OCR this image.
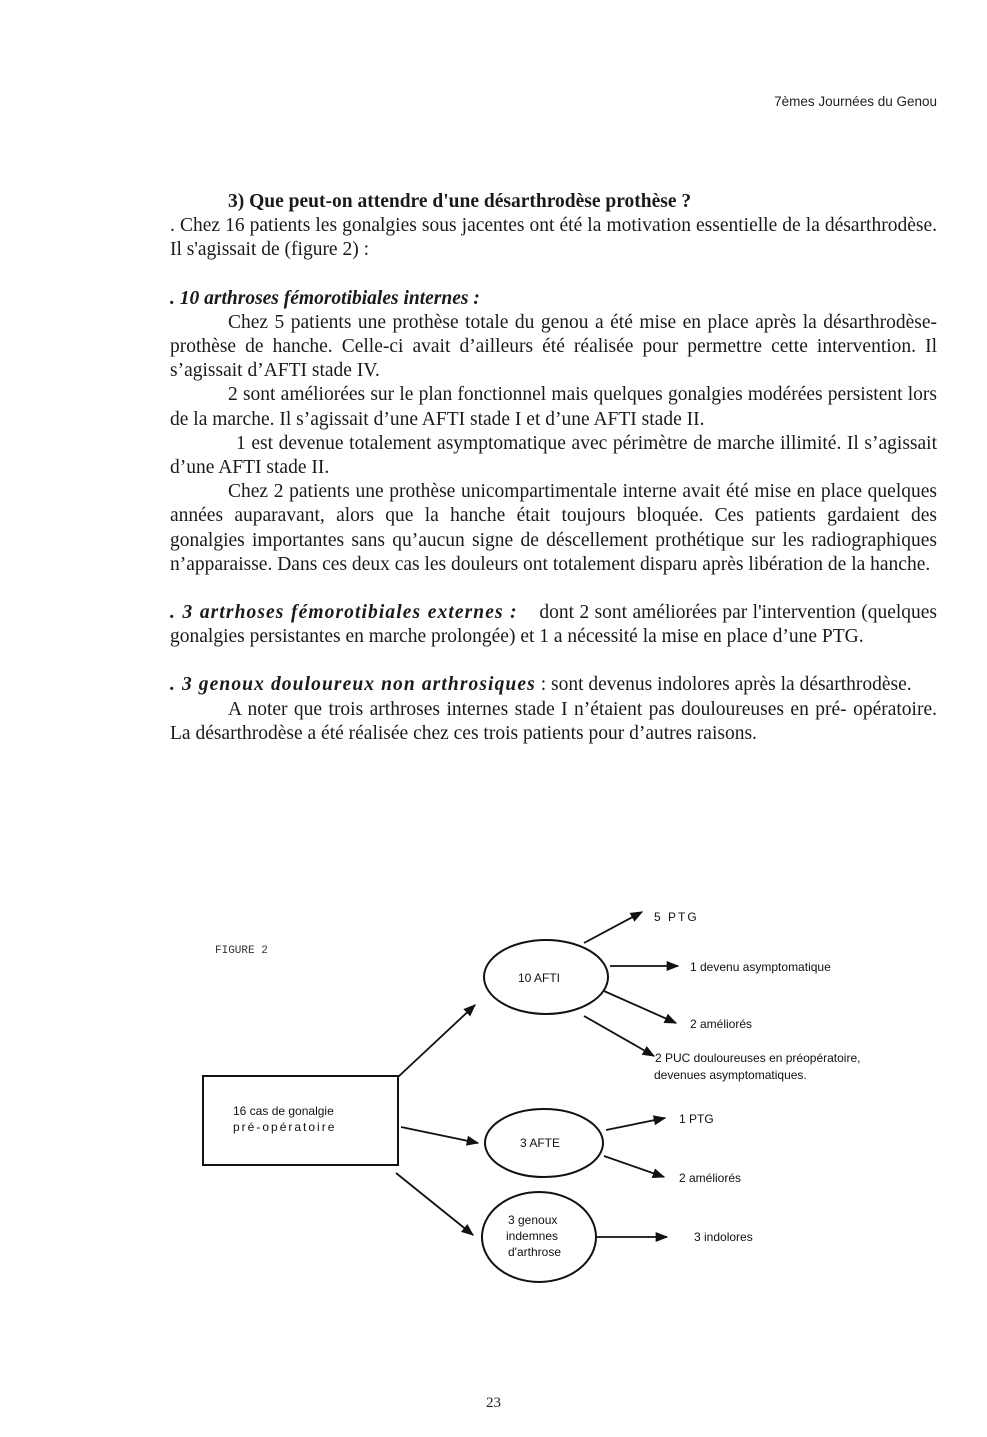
7èmes Journées du Genou

3) Que peut-on attendre d'une désarthrodèse prothèse ?

. Chez 16 patients les gonalgies sous jacentes ont été la motivation essentielle de la désarthrodèse. Il s'agissait de (figure 2) :

. 10 arthroses fémorotibiales internes :

Chez 5 patients une prothèse totale du genou a été mise en place après la désarthrodèse-prothèse de hanche. Celle-ci avait d’ailleurs été réalisée pour permettre cette intervention. Il s’agissait d’AFTI stade IV.

2 sont améliorées sur le plan fonctionnel mais quelques gonalgies modérées persistent lors de la marche. Il s’agissait d’une AFTI stade I et d’une AFTI stade II.

1 est devenue totalement asymptomatique avec périmètre de marche illimité. Il s’agissait d’une AFTI stade II.

Chez 2 patients une prothèse unicompartimentale interne avait été mise en place quelques années auparavant, alors que la hanche était toujours bloquée. Ces patients gardaient des gonalgies importantes sans qu’aucun signe de déscellement prothétique sur les radiographiques n’apparaisse. Dans ces deux cas les douleurs ont totalement disparu après libération de la hanche.

. 3 artrhoses fémorotibiales externes : dont 2 sont améliorées par l'intervention (quelques gonalgies persistantes en marche prolongée) et 1 a nécessité la mise en place d’une PTG.

. 3 genoux douloureux non arthrosiques : sont devenus indolores après la désarthrodèse.

A noter que trois arthroses internes stade I n’étaient pas douloureuses en pré- opératoire. La désarthrodèse a été réalisée chez ces trois patients pour d’autres raisons.

FIGURE 2
16 cas de gonalgie
pré-opératoire
10 AFTI
3 AFTE
3 genoux
indemnes
d'arthrose
5 PTG
1 devenu asymptomatique
2 améliorés
2 PUC douloureuses en préopératoire,
devenues asymptomatiques.
1 PTG
2 améliorés
3 indolores
23
